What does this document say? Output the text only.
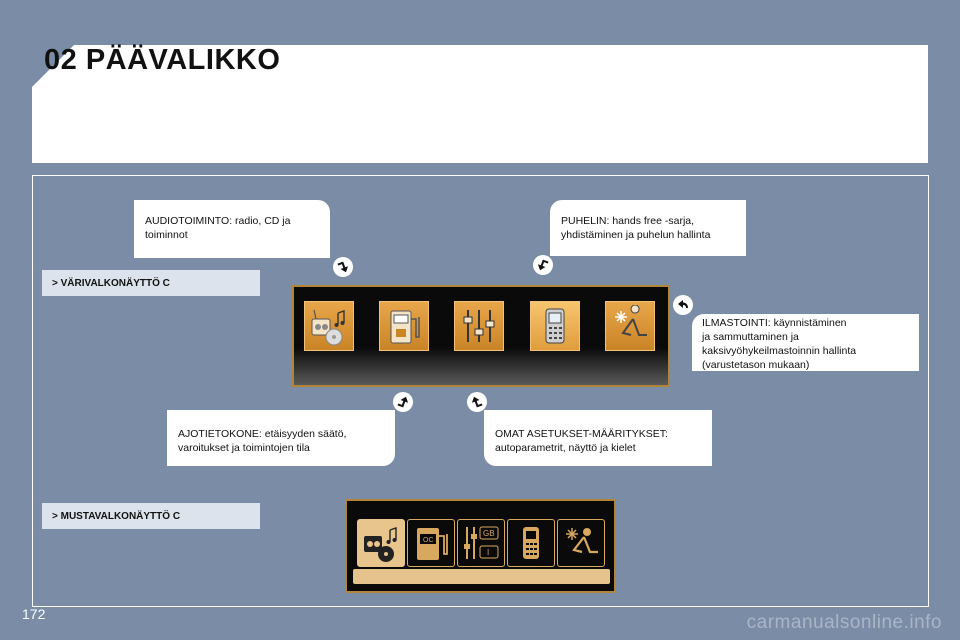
02 PÄÄVALIKKO
AUDIOTOIMINTO: radio, CD ja
toiminnot
PUHELIN: hands free -sarja,
yhdistäminen ja puhelun hallinta
ILMASTOINTI: käynnistäminen
ja sammuttaminen ja
kaksivyöhykeilmastoinnin hallinta
(varustetason mukaan)
AJOTIETOKONE: etäisyyden säätö,
varoitukset ja toimintojen tila
OMAT ASETUKSET-MÄÄRITYKSET:
autoparametrit, näyttö ja kielet
> VÄRIVALKONÄYTTÖ C
> MUSTAVALKONÄYTTÖ C
OC
GB
I
172	carmanualsonline.info
